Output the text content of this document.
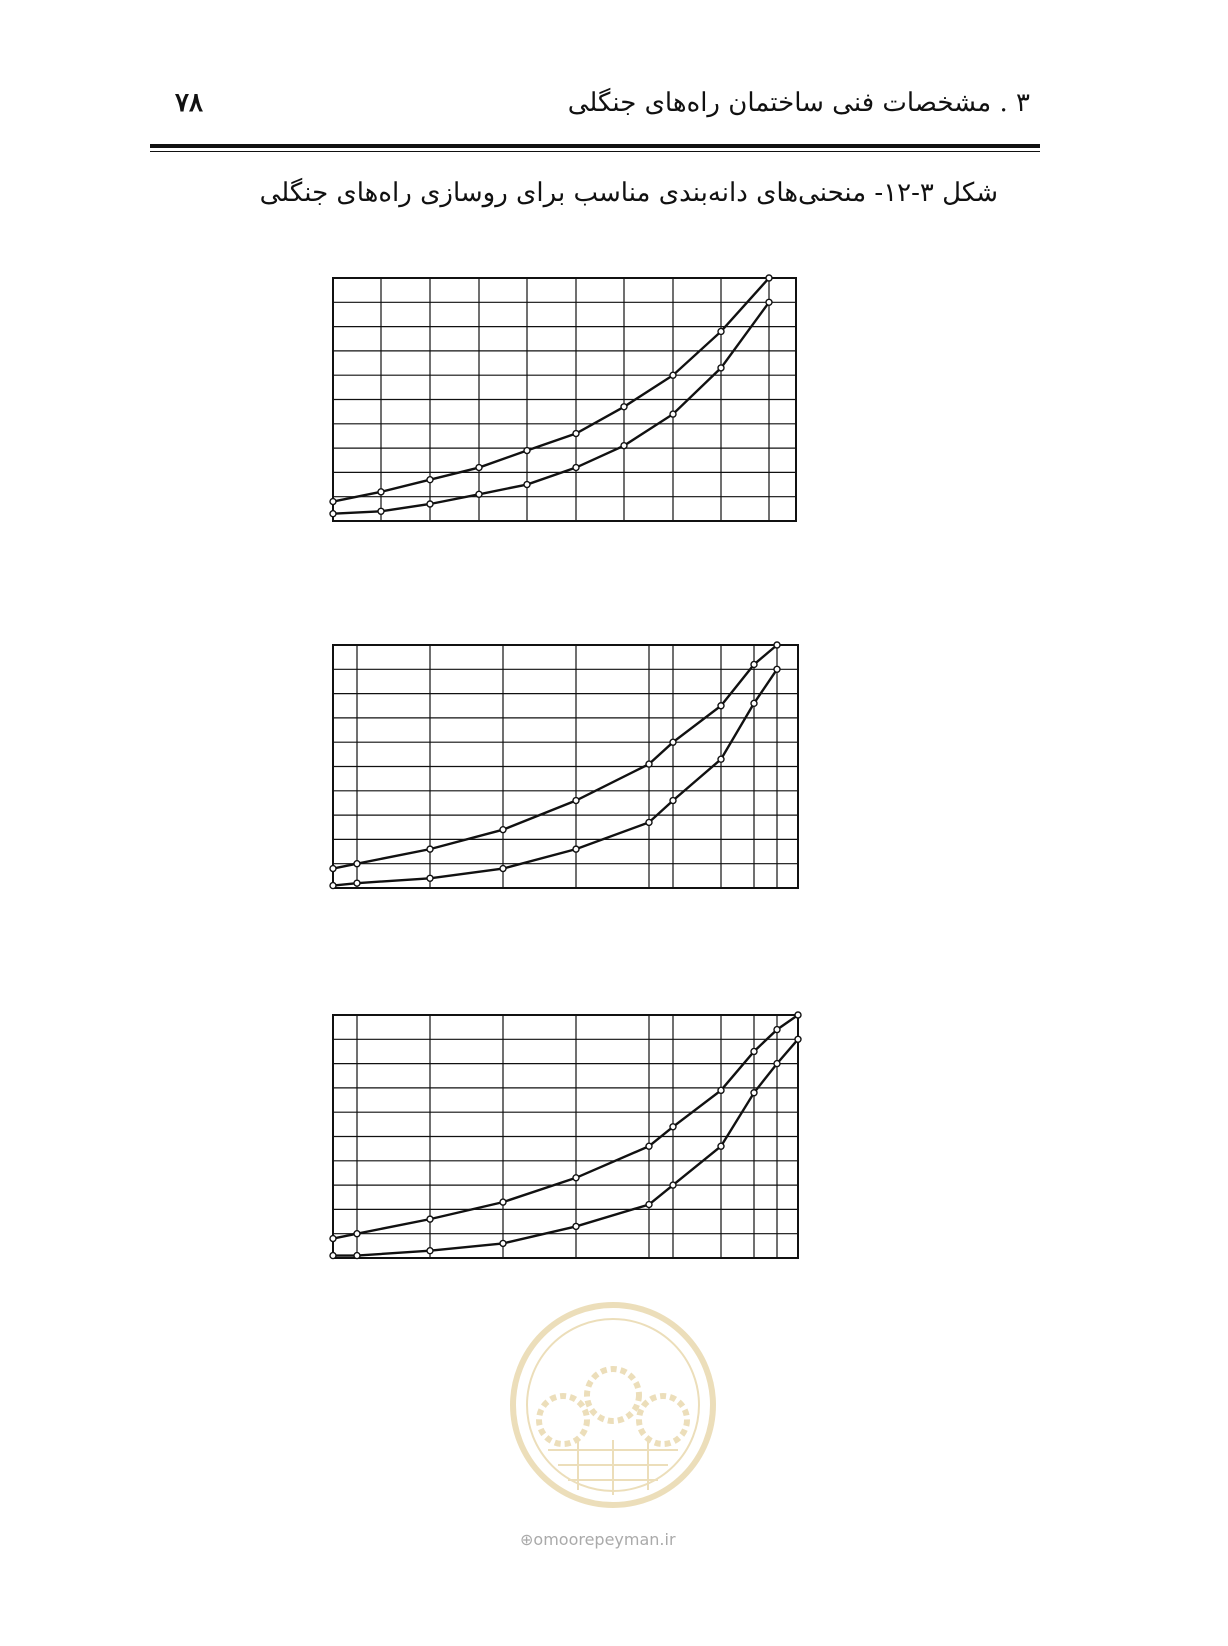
۷۸	۳ . مشخصات فنی ساختمان راه‌های جنگلی
شکل ۳-۱۲- منحنی‌های دانه‌بندی مناسب برای روسازی راه‌های جنگلی
⊕omoorepeyman.ir
